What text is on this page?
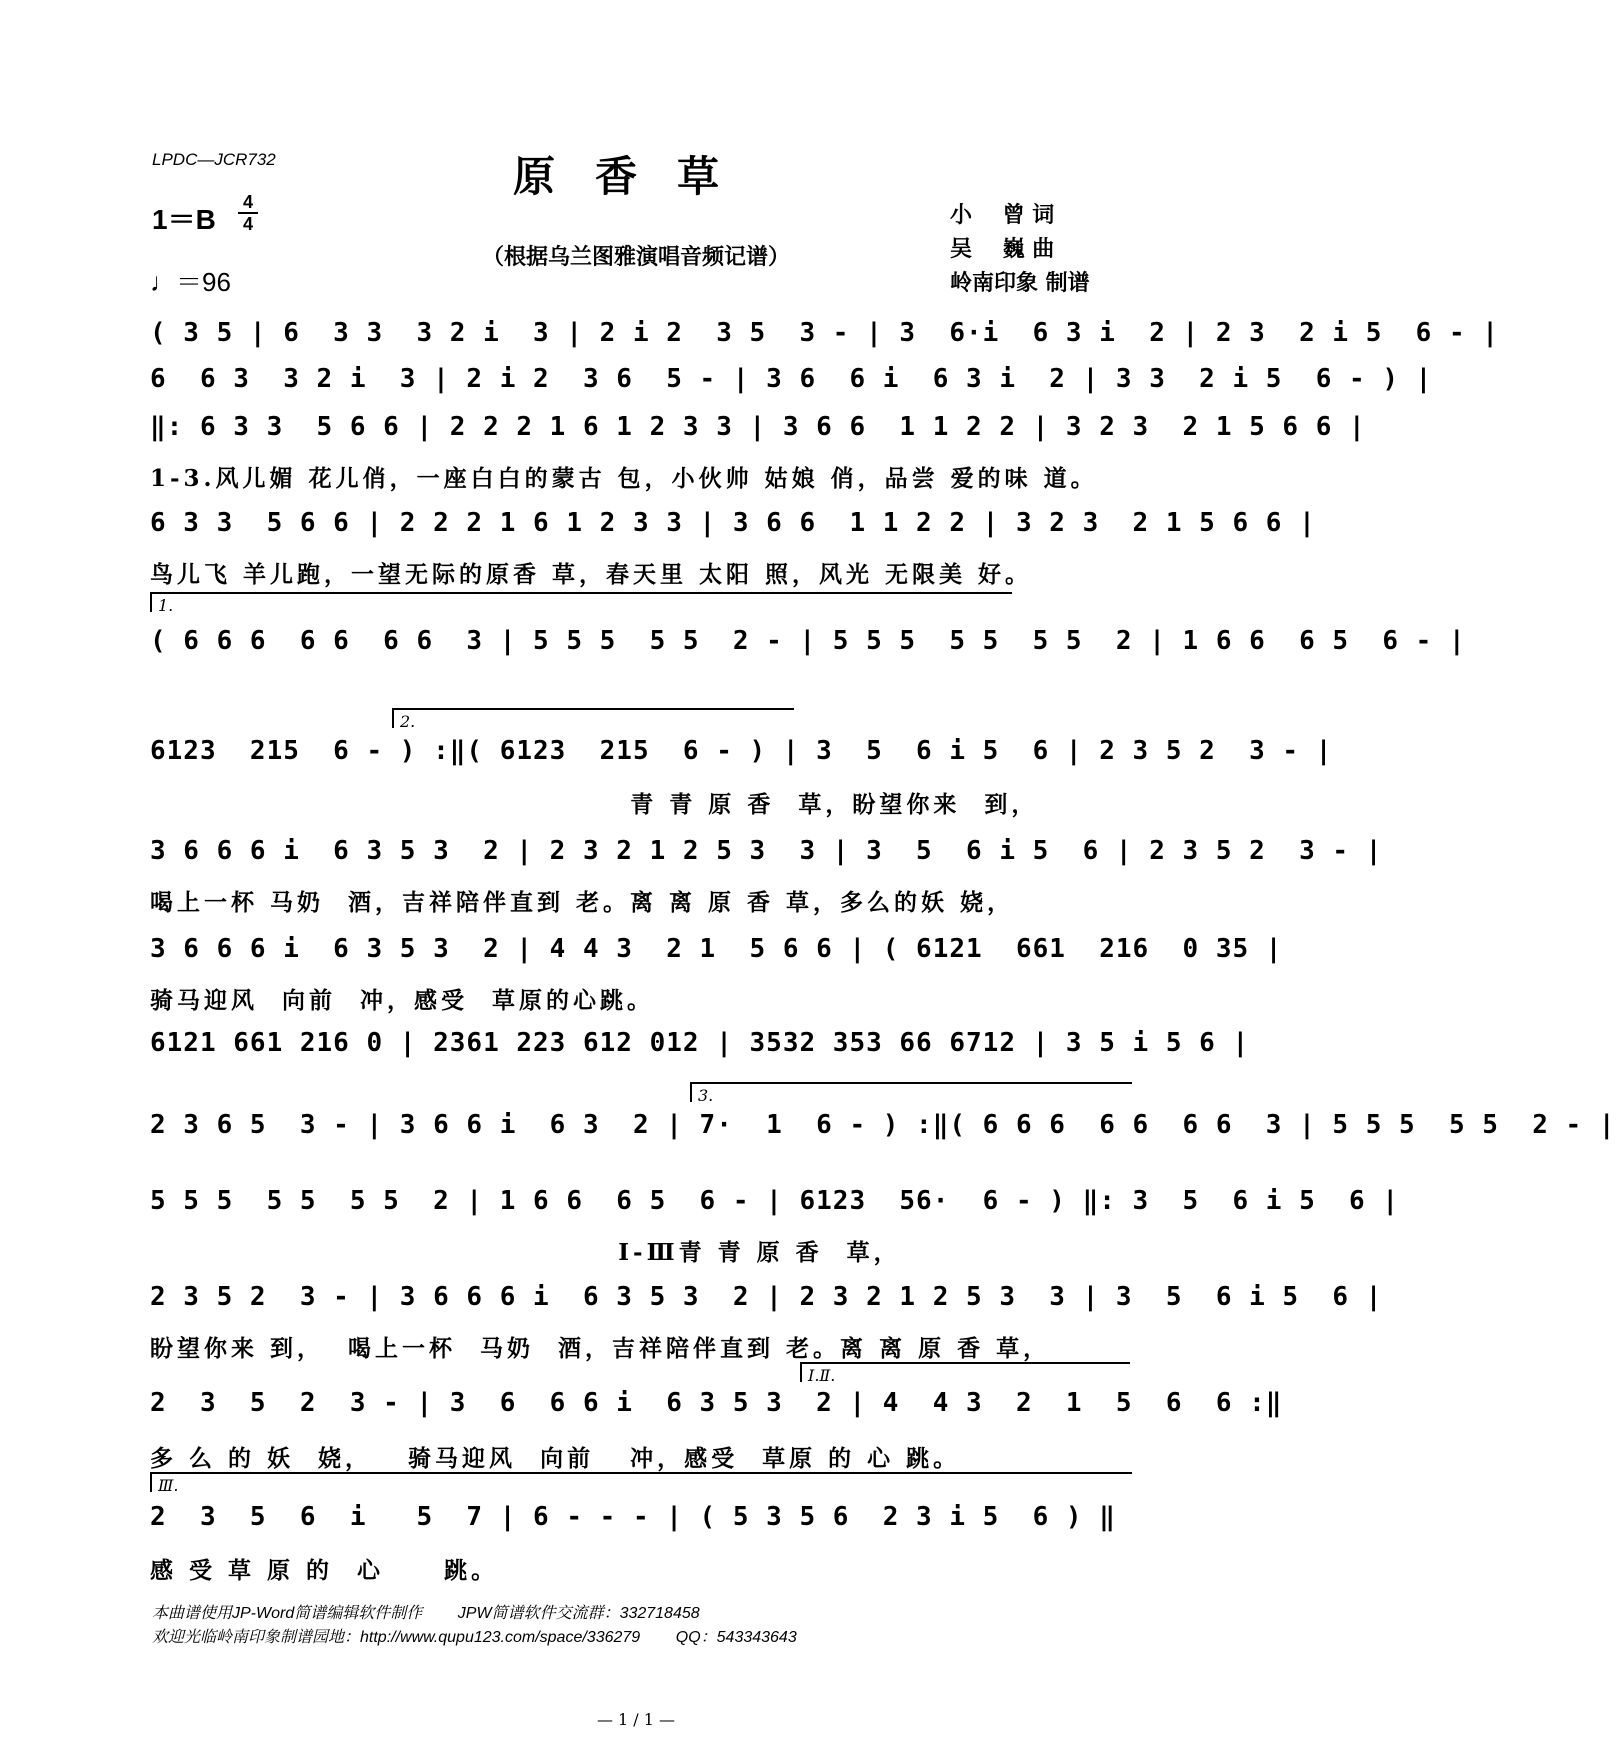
LPDC—JCR732	原香草
（根据乌兰图雅演唱音频记谱）
1＝B
4
4
♩＝96
小    曾 词
吴    巍 曲
岭南印象 制谱
( 3 5 | 6  3 3  3 2 i  3 | 2 i 2  3 5  3 - | 3  6·i  6 3 i  2 | 2 3  2 i 5  6 - |
6  6 3  3 2 i  3 | 2 i 2  3 6  5 - | 3 6  6 i  6 3 i  2 | 3 3  2 i 5  6 - ) |
‖: 6 3 3  5 6 6 | 2 2 2 1 6 1 2 3 3 | 3 6 6  1 1 2 2 | 3 2 3  2 1 5 6 6 |
1-3.风儿媚 花儿俏，一座白白的蒙古 包，小伙帅 姑娘 俏，品尝 爱的味 道。
6 3 3  5 6 6 | 2 2 2 1 6 1 2 3 3 | 3 6 6  1 1 2 2 | 3 2 3  2 1 5 6 6 |
鸟儿飞 羊儿跑，一望无际的原香 草，春天里 太阳 照，风光 无限美 好。
1.
( 6 6 6  6 6  6 6  3 | 5 5 5  5 5  2 - | 5 5 5  5 5  5 5  2 | 1 6 6  6 5  6 - |
2.
6123  215  6 - ) :‖( 6123  215  6 - ) | 3  5  6 i 5  6 | 2 3 5 2  3 - |
青 青 原 香  草，盼望你来  到，
3 6 6 6 i  6 3 5 3  2 | 2 3 2 1 2 5 3  3 | 3  5  6 i 5  6 | 2 3 5 2  3 - |
喝上一杯 马奶  酒，吉祥陪伴直到 老。离 离 原 香 草，多么的妖 娆，
3 6 6 6 i  6 3 5 3  2 | 4 4 3  2 1  5 6 6 | ( 6121  661  216  0 35 |
骑马迎风  向前  冲，感受  草原的心跳。
6121 661 216 0 | 2361 223 612 012 | 3532 353 66 6712 | 3 5 i 5 6 |
3.
2 3 6 5  3 - | 3 6 6 i  6 3  2 | 7·  1  6 - ) :‖( 6 6 6  6 6  6 6  3 | 5 5 5  5 5  2 - |
5 5 5  5 5  5 5  2 | 1 6 6  6 5  6 - | 6123  56·  6 - ) ‖: 3  5  6 i 5  6 |
Ⅰ-Ⅲ青 青 原 香  草，
2 3 5 2  3 - | 3 6 6 6 i  6 3 5 3  2 | 2 3 2 1 2 5 3  3 | 3  5  6 i 5  6 |
盼望你来 到，  喝上一杯  马奶  酒，吉祥陪伴直到 老。离 离 原 香 草，
Ⅰ.Ⅱ.
2  3  5  2  3 - | 3  6  6 6 i  6 3 5 3  2 | 4  4 3  2  1  5  6  6 :‖
多 么 的 妖  娆，   骑马迎风  向前   冲，感受  草原 的 心 跳。
Ⅲ.
2  3  5  6  i   5  7 | 6 - - - | ( 5 3 5 6  2 3 i 5  6 ) ‖
感 受 草 原 的  心     跳。
本曲谱使用JP-Word简谱编辑软件制作        JPW简谱软件交流群：332718458
欢迎光临岭南印象制谱园地：http://www.qupu123.com/space/336279        QQ：543343643
— 1 / 1 —
